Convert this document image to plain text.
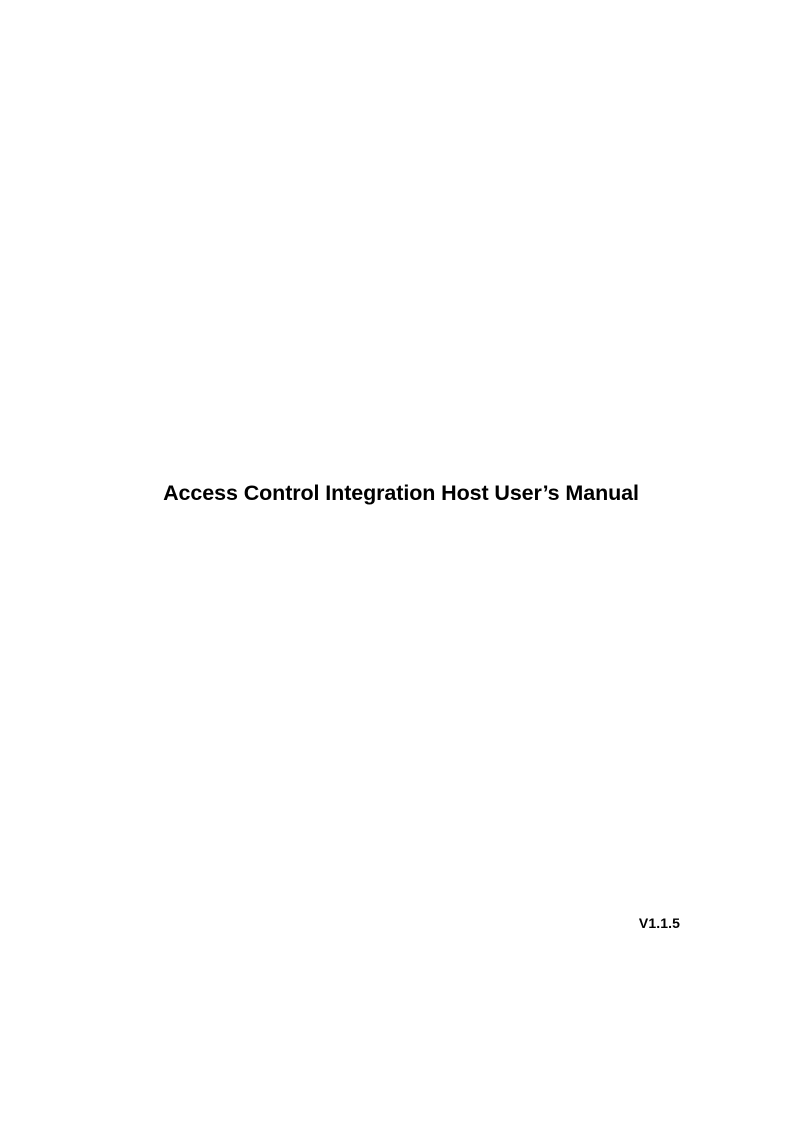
Access Control Integration Host User’s Manual
V1.1.5
